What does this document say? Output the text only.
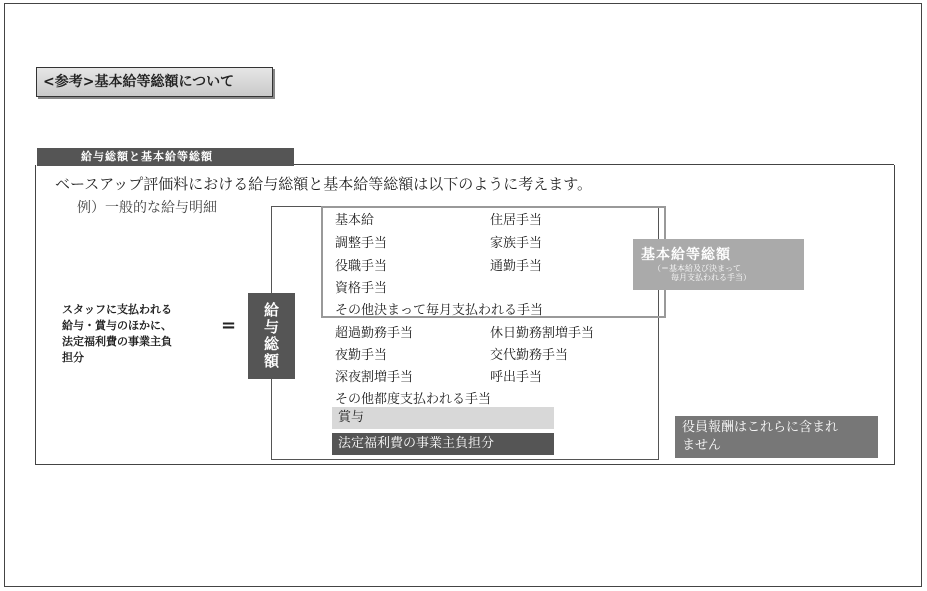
<参考>基本給等総額について
給与総額と基本給等総額
ベースアップ評価料における給与総額と基本給等総額は以下のように考えます。
例）一般的な給与明細
スタッフに支払われる
給与・賞与のほかに、
法定福利費の事業主負
担分
=	給与総額
基本給	住居手当
調整手当	家族手当
役職手当	通勤手当
資格手当
その他決まって毎月支払われる手当
超過勤務手当	休日勤務割増手当
夜勤手当	交代勤務手当
深夜割増手当	呼出手当
その他都度支払われる手当
賞与
法定福利費の事業主負担分
基本給等総額
（＝基本給及び決まって
毎月支払われる手当）
役員報酬はこれらに含まれ
ません
